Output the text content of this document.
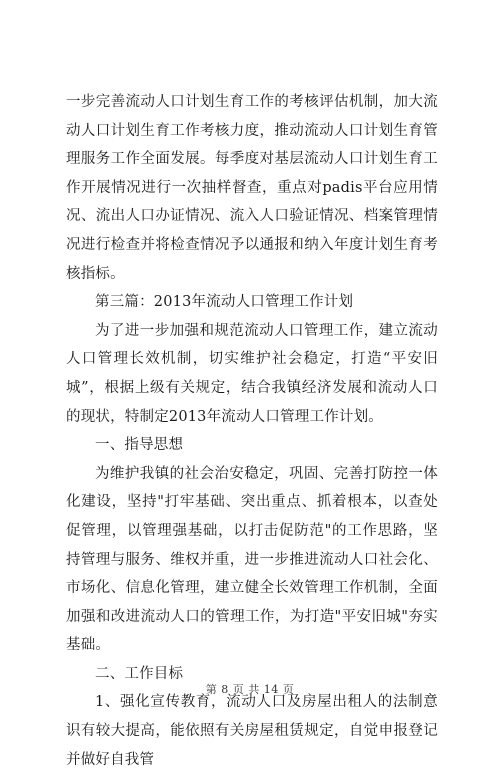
一步完善流动人口计划生育工作的考核评估机制，加大流动人口计划生育工作考核力度，推动流动人口计划生育管理服务工作全面发展。每季度对基层流动人口计划生育工作开展情况进行一次抽样督查，重点对padis平台应用情况、流出人口办证情况、流入人口验证情况、档案管理情况进行检查并将检查情况予以通报和纳入年度计划生育考核指标。

第三篇：2013年流动人口管理工作计划

为了进一步加强和规范流动人口管理工作，建立流动人口管理长效机制，切实维护社会稳定，打造“平安旧城”，根据上级有关规定，结合我镇经济发展和流动人口的现状，特制定2013年流动人口管理工作计划。

一、指导思想

为维护我镇的社会治安稳定，巩固、完善打防控一体化建设，坚持"打牢基础、突出重点、抓着根本，以查处促管理，以管理强基础，以打击促防范"的工作思路，坚持管理与服务、维权并重，进一步推进流动人口社会化、市场化、信息化管理，建立健全长效管理工作机制，全面加强和改进流动人口的管理工作，为打造"平安旧城"夯实基础。

二、工作目标

1、强化宣传教育，流动人口及房屋出租人的法制意识有较大提高，能依照有关房屋租赁规定，自觉申报登记并做好自我管

第 8 页 共 14 页
